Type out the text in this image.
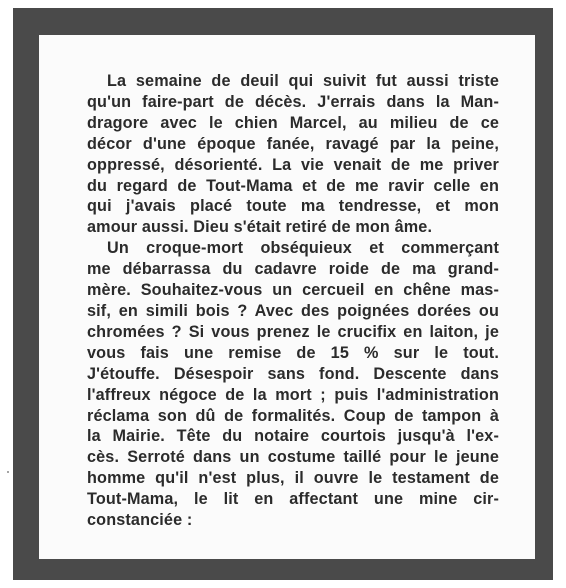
La semaine de deuil qui suivit fut aussi triste
qu'un faire-part de décès. J'errais dans la Man-
dragore avec le chien Marcel, au milieu de ce
décor d'une époque fanée, ravagé par la peine,
oppressé, désorienté. La vie venait de me priver
du regard de Tout-Mama et de me ravir celle en
qui j'avais placé toute ma tendresse, et mon
amour aussi. Dieu s'était retiré de mon âme.
Un croque-mort obséquieux et commerçant
me débarrassa du cadavre roide de ma grand-
mère. Souhaitez-vous un cercueil en chêne mas-
sif, en simili bois ? Avec des poignées dorées ou
chromées ? Si vous prenez le crucifix en laiton, je
vous fais une remise de 15 % sur le tout.
J'étouffe. Désespoir sans fond. Descente dans
l'affreux négoce de la mort ; puis l'administration
réclama son dû de formalités. Coup de tampon à
la Mairie. Tête du notaire courtois jusqu'à l'ex-
cès. Serroté dans un costume taillé pour le jeune
homme qu'il n'est plus, il ouvre le testament de
Tout-Mama, le lit en affectant une mine cir-
constanciée :
